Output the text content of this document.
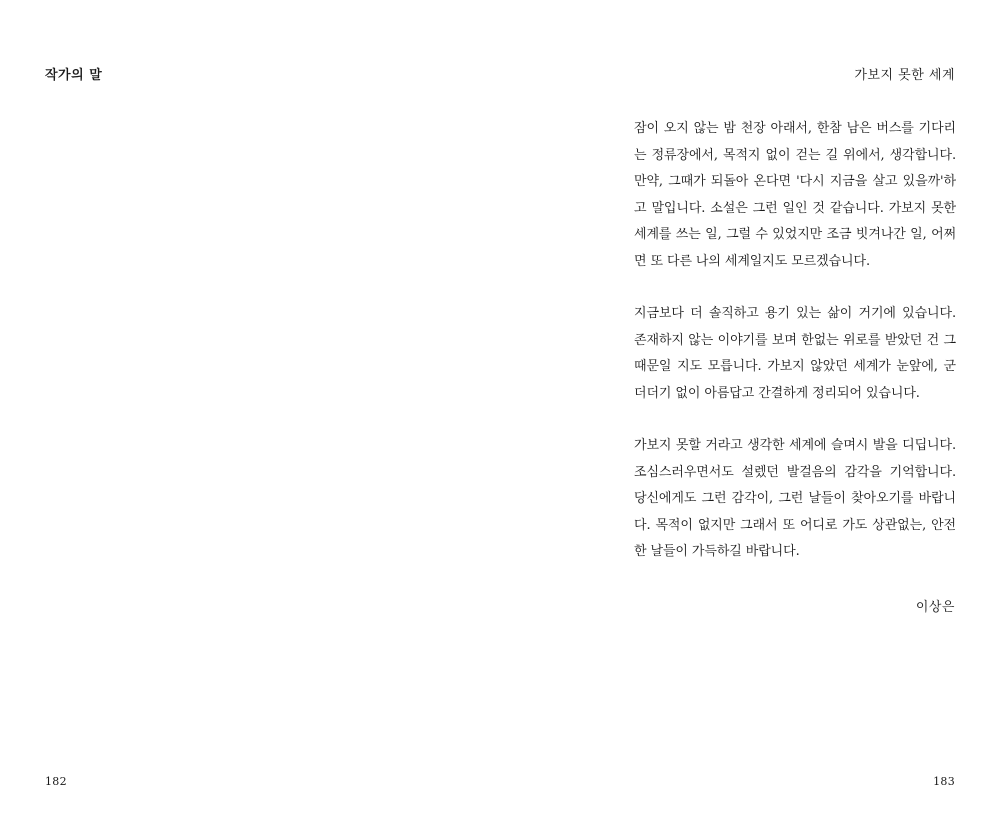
작가의 말
182
가보지 못한 세계

잠이 오지 않는 밤 천장 아래서, 한참 남은 버스를 기다리
는 정류장에서, 목적지 없이 걷는 길 위에서, 생각합니다.
만약, 그때가 되돌아 온다면 '다시 지금을 살고 있을까'하
고 말입니다. 소설은 그런 일인 것 같습니다. 가보지 못한
세계를 쓰는 일, 그럴 수 있었지만 조금 빗겨나간 일, 어쩌
면 또 다른 나의 세계일지도 모르겠습니다.

지금보다 더 솔직하고 용기 있는 삶이 거기에 있습니다.
존재하지 않는 이야기를 보며 한없는 위로를 받았던 건 그
때문일 지도 모릅니다. 가보지 않았던 세계가 눈앞에, 군
더더기 없이 아름답고 간결하게 정리되어 있습니다.

가보지 못할 거라고 생각한 세계에 슬며시 발을 디딥니다.
조심스러우면서도 설렜던 발걸음의 감각을 기억합니다.
당신에게도 그런 감각이, 그런 날들이 찾아오기를 바랍니
다. 목적이 없지만 그래서 또 어디로 가도 상관없는, 안전
한 날들이 가득하길 바랍니다.

이상은
183
